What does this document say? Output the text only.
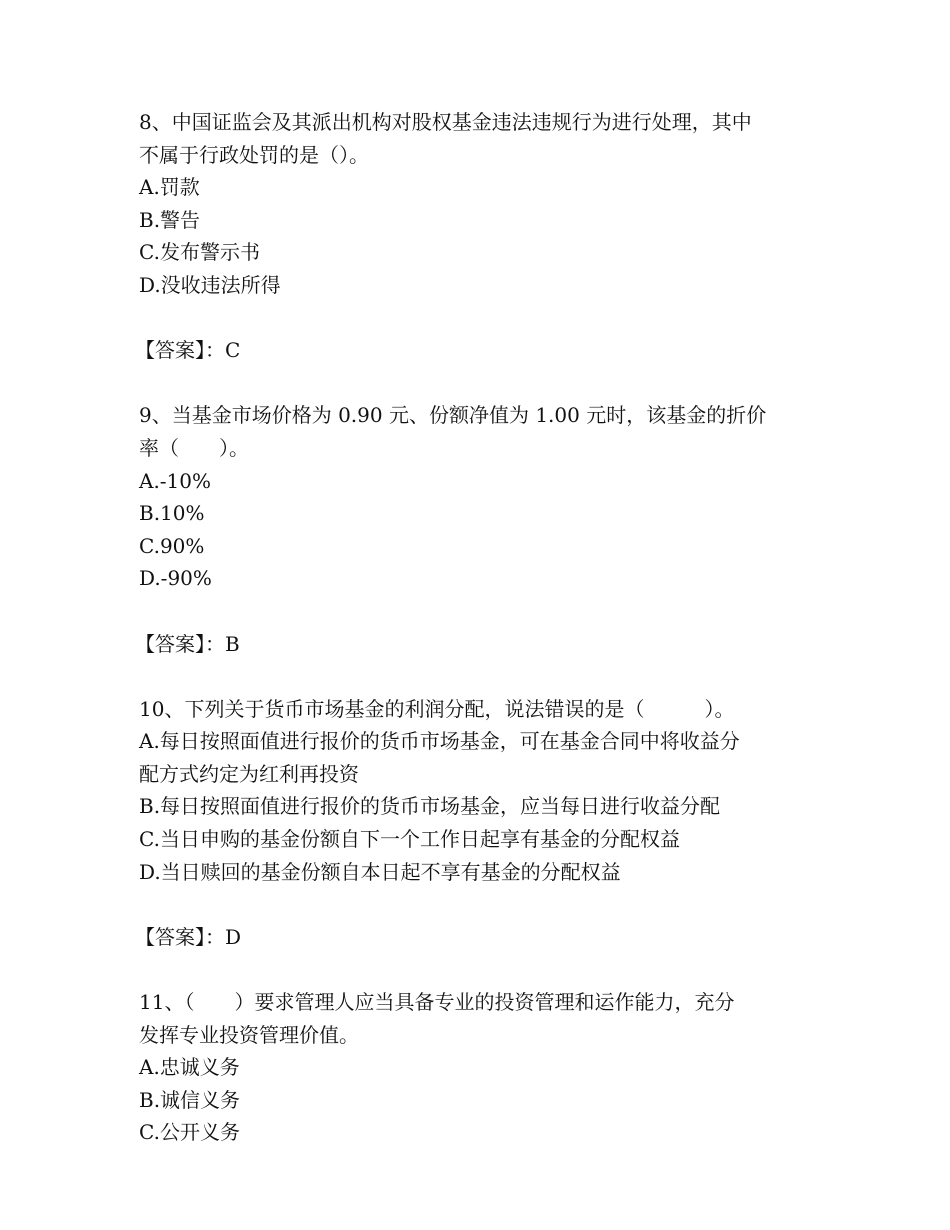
8、中国证监会及其派出机构对股权基金违法违规行为进行处理，其中

不属于行政处罚的是（）。

A.罚款

B.警告

C.发布警示书

D.没收违法所得

【答案】：C

9、当基金市场价格为 0.90 元、份额净值为 1.00 元时，该基金的折价

率（　　）。

A.-10%

B.10%

C.90%

D.-90%

【答案】：B

10、下列关于货币市场基金的利润分配，说法错误的是（　　　）。

A.每日按照面值进行报价的货币市场基金，可在基金合同中将收益分

配方式约定为红利再投资

B.每日按照面值进行报价的货币市场基金，应当每日进行收益分配

C.当日申购的基金份额自下一个工作日起享有基金的分配权益

D.当日赎回的基金份额自本日起不享有基金的分配权益

【答案】：D

11、（　　）要求管理人应当具备专业的投资管理和运作能力，充分

发挥专业投资管理价值。

A.忠诚义务

B.诚信义务

C.公开义务
